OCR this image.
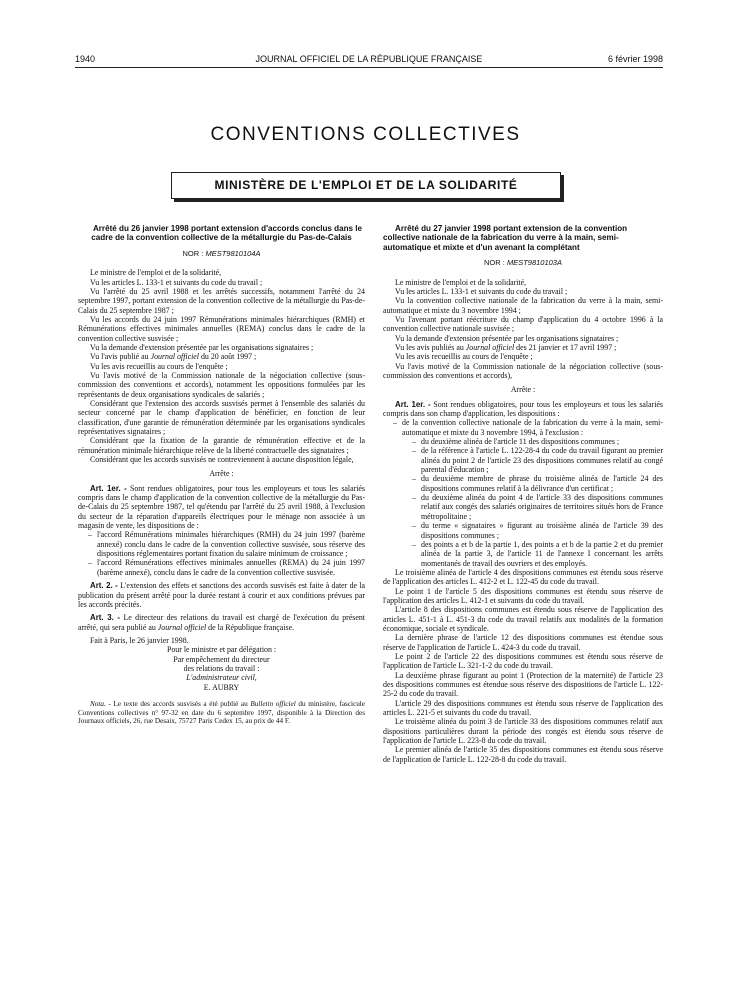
1940	JOURNAL OFFICIEL DE LA RÉPUBLIQUE FRANÇAISE	6 février 1998
CONVENTIONS COLLECTIVES
MINISTÈRE DE L'EMPLOI ET DE LA SOLIDARITÉ

Arrêté du 26 janvier 1998 portant extension d'accords conclus dans le cadre de la convention collective de la métallurgie du Pas-de-Calais

NOR : MEST9810104A

Le ministre de l'emploi et de la solidarité,

Vu les articles L. 133-1 et suivants du code du travail ;

Vu l'arrêté du 25 avril 1988 et les arrêtés successifs, notamment l'arrêté du 24 septembre 1997, portant extension de la convention collective de la métallurgie du Pas-de-Calais du 25 septembre 1987 ;

Vu les accords du 24 juin 1997 Rémunérations minimales hiérarchiques (RMH) et Rémunérations effectives minimales annuelles (REMA) conclus dans le cadre de la convention collective susvisée ;

Vu la demande d'extension présentée par les organisations signataires ;

Vu l'avis publié au Journal officiel du 20 août 1997 ;

Vu les avis recueillis au cours de l'enquête ;

Vu l'avis motivé de la Commission nationale de la négociation collective (sous-commission des conventions et accords), notamment les oppositions formulées par les représentants de deux organisations syndicales de salariés ;

Considérant que l'extension des accords susvisés permet à l'ensemble des salariés du secteur concerné par le champ d'application de bénéficier, en fonction de leur classification, d'une garantie de rémunération déterminée par les organisations syndicales représentatives signataires ;

Considérant que la fixation de la garantie de rémunération effective et de la rémunération minimale hiérarchique relève de la liberté contractuelle des signataires ;

Considérant que les accords susvisés ne contreviennent à aucune disposition légale,

Arrête :

Art. 1er. - Sont rendues obligatoires, pour tous les employeurs et tous les salariés compris dans le champ d'application de la convention collective de la métallurgie du Pas-de-Calais du 25 septembre 1987, tel qu'étendu par l'arrêté du 25 avril 1988, à l'exclusion du secteur de la réparation d'appareils électriques pour le ménage non associée à un magasin de vente, les dispositions de :

– l'accord Rémunérations minimales hiérarchiques (RMH) du 24 juin 1997 (barème annexé) conclu dans le cadre de la convention collective susvisée, sous réserve des dispositions réglementaires portant fixation du salaire minimum de croissance ;
– l'accord Rémunérations effectives minimales annuelles (REMA) du 24 juin 1997 (barème annexé), conclu dans le cadre de la convention collective susvisée.

Art. 2. - L'extension des effets et sanctions des accords susvisés est faite à dater de la publication du présent arrêté pour la durée restant à courir et aux conditions prévues par les accords précités.

Art. 3. - Le directeur des relations du travail est chargé de l'exécution du présent arrêté, qui sera publié au Journal officiel de la République française.

Fait à Paris, le 26 janvier 1998.

Pour le ministre et par délégation :

Par empêchement du directeur

des relations du travail :

L'administrateur civil,

E. AUBRY

Nota. - Le texte des accords susvisés a été publié au Bulletin officiel du ministère, fascicule Conventions collectives n° 97-32 en date du 6 septembre 1997, disponible à la Direction des Journaux officiels, 26, rue Desaix, 75727 Paris Cedex 15, au prix de 44 F.

Arrêté du 27 janvier 1998 portant extension de la convention collective nationale de la fabrication du verre à la main, semi-automatique et mixte et d'un avenant la complétant

NOR : MEST9810103A

Le ministre de l'emploi et de la solidarité,

Vu les articles L. 133-1 et suivants du code du travail ;

Vu la convention collective nationale de la fabrication du verre à la main, semi-automatique et mixte du 3 novembre 1994 ;

Vu l'avenant portant réécriture du champ d'application du 4 octobre 1996 à la convention collective nationale susvisée ;

Vu la demande d'extension présentée par les organisations signataires ;

Vu les avis publiés au Journal officiel des 21 janvier et 17 avril 1997 ;

Vu les avis recueillis au cours de l'enquête ;

Vu l'avis motivé de la Commission nationale de la négociation collective (sous-commission des conventions et accords),

Arrête :

Art. 1er. - Sont rendues obligatoires, pour tous les employeurs et tous les salariés compris dans son champ d'application, les dispositions :

– de la convention collective nationale de la fabrication du verre à la main, semi-automatique et mixte du 3 novembre 1994, à l'exclusion :
– du deuxième alinéa de l'article 11 des dispositions communes ;
– de la référence à l'article L. 122-28-4 du code du travail figurant au premier alinéa du point 2 de l'article 23 des dispositions communes relatif au congé parental d'éducation ;
– du deuxième membre de phrase du troisième alinéa de l'article 24 des dispositions communes relatif à la délivrance d'un certificat ;
– du deuxième alinéa du point 4 de l'article 33 des dispositions communes relatif aux congés des salariés originaires de territoires situés hors de France métropolitaine ;
– du terme « signataires » figurant au troisième alinéa de l'article 39 des dispositions communes ;
– des points a et b de la partie 1, des points a et b de la partie 2 et du premier alinéa de la partie 3, de l'article 11 de l'annexe I concernant les arrêts momentanés de travail des ouvriers et des employés.

Le troisième alinéa de l'article 4 des dispositions communes est étendu sous réserve de l'application des articles L. 412-2 et L. 122-45 du code du travail.

Le point 1 de l'article 5 des dispositions communes est étendu sous réserve de l'application des articles L. 412-1 et suivants du code du travail.

L'article 8 des dispositions communes est étendu sous réserve de l'application des articles L. 451-1 à L. 451-3 du code du travail relatifs aux modalités de la formation économique, sociale et syndicale.

La dernière phrase de l'article 12 des dispositions communes est étendue sous réserve de l'application de l'article L. 424-3 du code du travail.

Le point 2 de l'article 22 des dispositions communes est étendu sous réserve de l'application de l'article L. 321-1-2 du code du travail.

La deuxième phrase figurant au point 1 (Protection de la maternité) de l'article 23 des dispositions communes est étendue sous réserve des dispositions de l'article L. 122-25-2 du code du travail.

L'article 29 des dispositions communes est étendu sous réserve de l'application des articles L. 221-5 et suivants du code du travail.

Le troisième alinéa du point 3 de l'article 33 des dispositions communes relatif aux dispositions particulières durant la période des congés est étendu sous réserve de l'application de l'article L. 223-8 du code du travail.

Le premier alinéa de l'article 35 des dispositions communes est étendu sous réserve de l'application de l'article L. 122-28-8 du code du travail.
